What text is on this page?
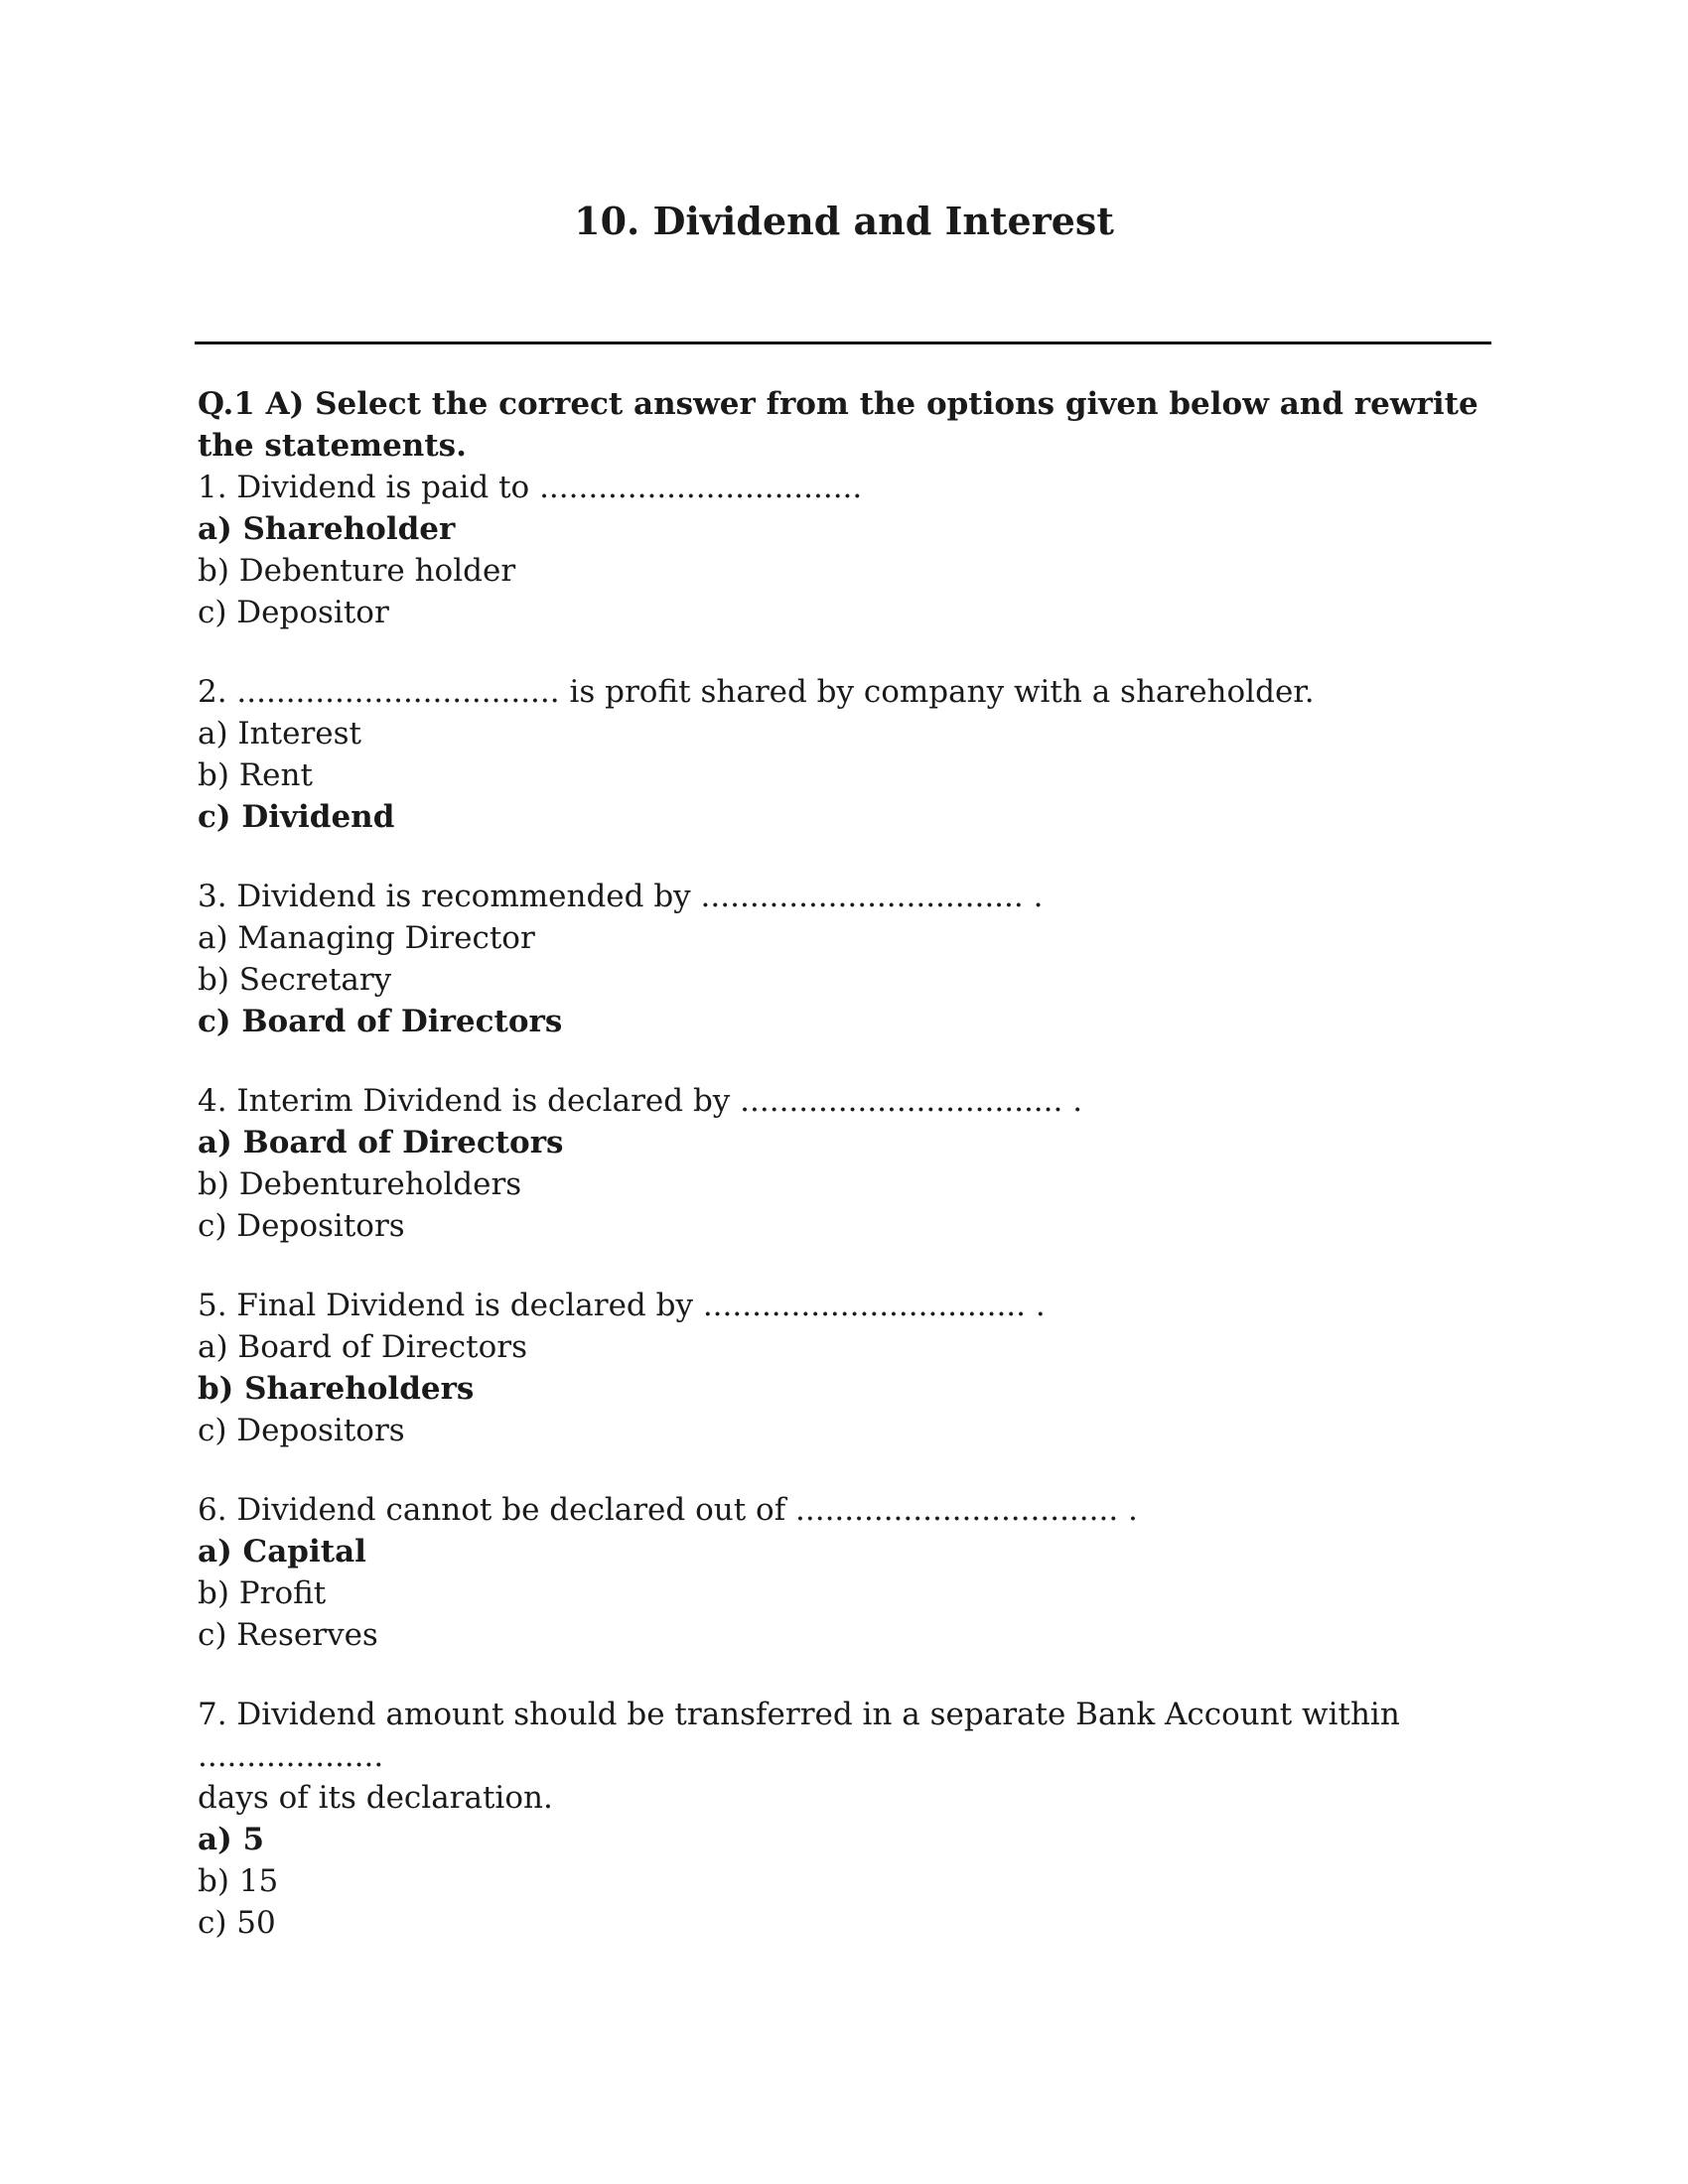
10. Dividend and Interest

Q.1 A) Select the correct answer from the options given below and rewrite the statements.

1. Dividend is paid to .................................

a) Shareholder

b) Debenture holder

c) Depositor

2. ................................. is profit shared by company with a shareholder.

a) Interest

b) Rent

c) Dividend

3. Dividend is recommended by ................................. .

a) Managing Director

b) Secretary

c) Board of Directors

4. Interim Dividend is declared by ................................. .

a) Board of Directors

b) Debentureholders

c) Depositors

5. Final Dividend is declared by ................................. .

a) Board of Directors

b) Shareholders

c) Depositors

6. Dividend cannot be declared out of ................................. .

a) Capital

b) Profit

c) Reserves

7. Dividend amount should be transferred in a separate Bank Account within

...................

days of its declaration.

a) 5

b) 15

c) 50
